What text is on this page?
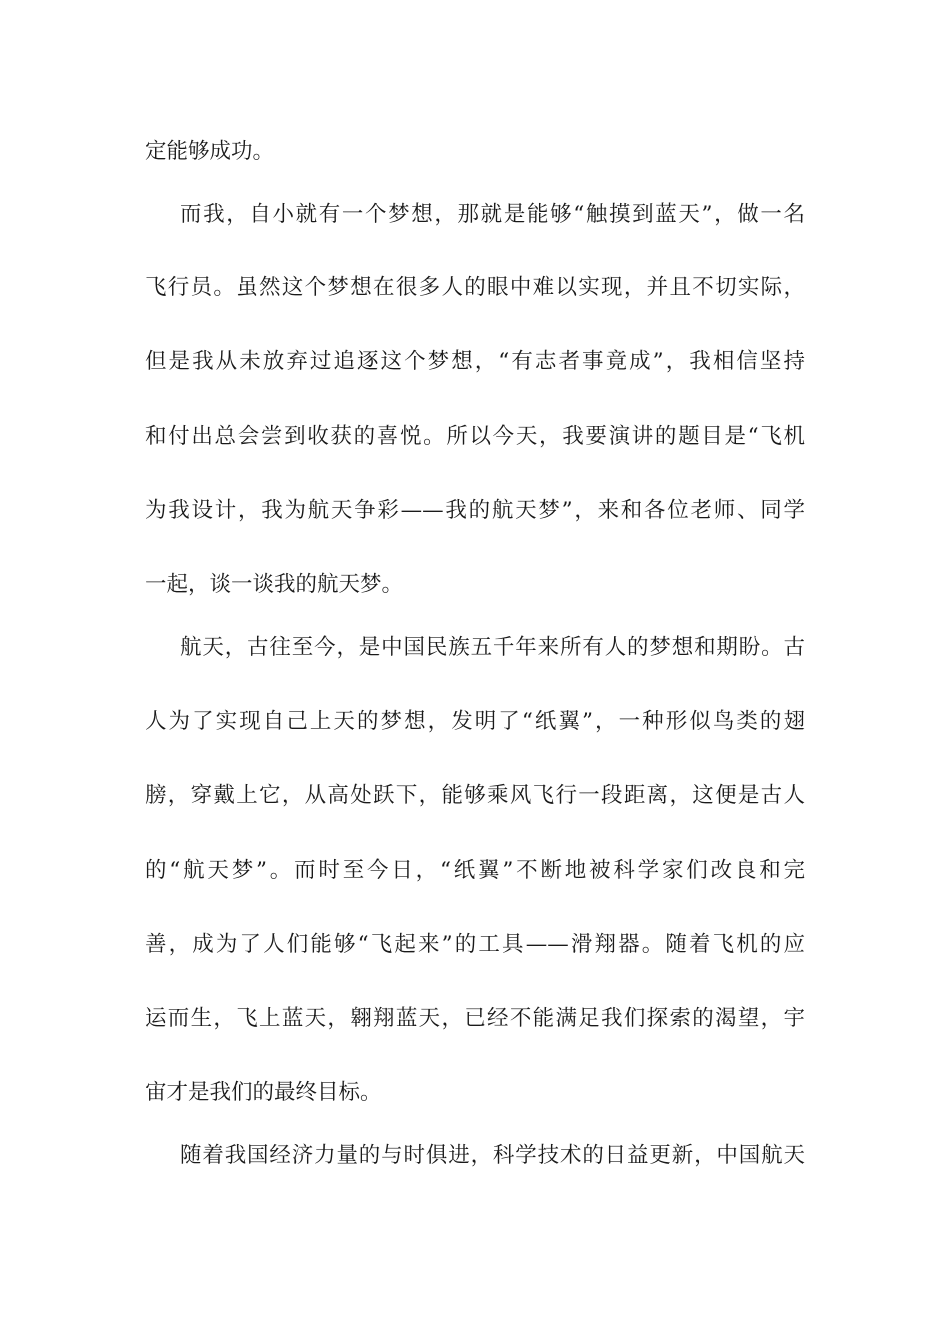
定能够成功。
而我，自小就有一个梦想，那就是能够“触摸到蓝天”，做一名
飞行员。虽然这个梦想在很多人的眼中难以实现，并且不切实际，
但是我从未放弃过追逐这个梦想，“有志者事竟成”，我相信坚持
和付出总会尝到收获的喜悦。所以今天，我要演讲的题目是“飞机
为我设计，我为航天争彩——我的航天梦”，来和各位老师、同学
一起，谈一谈我的航天梦。
航天，古往至今，是中国民族五千年来所有人的梦想和期盼。古
人为了实现自己上天的梦想，发明了“纸翼”，一种形似鸟类的翅
膀，穿戴上它，从高处跃下，能够乘风飞行一段距离，这便是古人
的“航天梦”。而时至今日，“纸翼”不断地被科学家们改良和完
善，成为了人们能够“飞起来”的工具——滑翔器。随着飞机的应
运而生，飞上蓝天，翱翔蓝天，已经不能满足我们探索的渴望，宇
宙才是我们的最终目标。
随着我国经济力量的与时俱进，科学技术的日益更新，中国航天
